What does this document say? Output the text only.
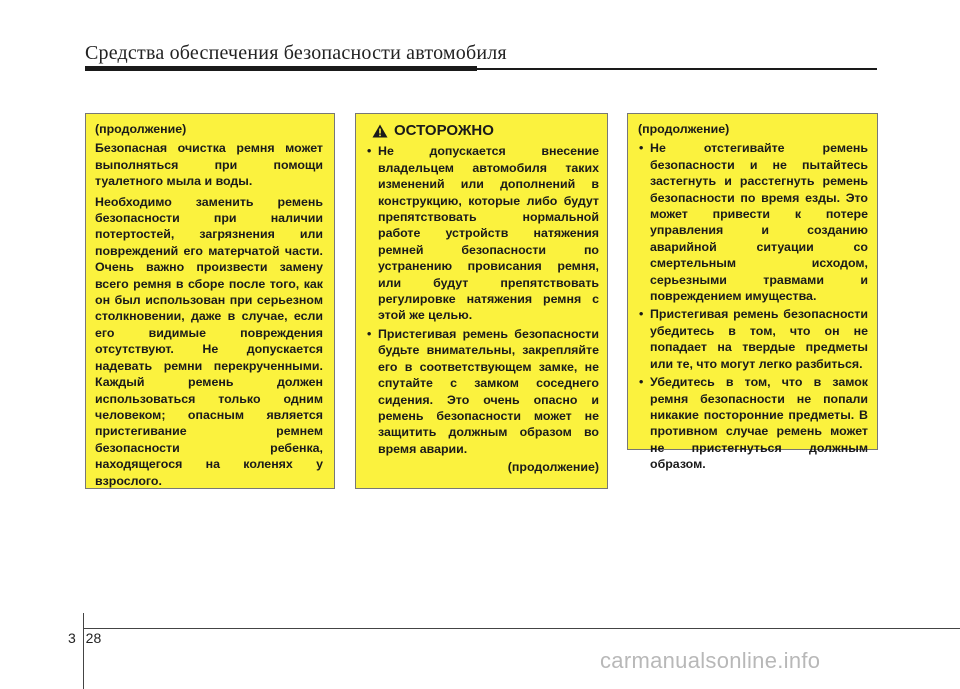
Средства обеспечения безопасности автомобиля

(продолжение)

Безопасная очистка ремня может выполняться при помощи туалетного мыла и воды.

Необходимо заменить ремень безопасности при наличии потертостей, загрязнения или повреждений его матерчатой части. Очень важно произвести замену всего ремня в сборе после того, как он был использован при серьезном столкновении, даже в случае, если его видимые повреждения отсутствуют. Не допускается надевать ремни перекрученными. Каждый ремень должен использоваться только одним человеком; опасным является пристегивание ремнем безопасности ребенка, находящегося на коленях у взрослого.

ОСТОРОЖНО
• Не допускается внесение владельцем автомобиля таких изменений или дополнений в конструкцию, которые либо будут препятствовать нормальной работе устройств натяжения ремней безопасности по устранению провисания ремня, или будут препятствовать регулировке натяжения ремня с этой же целью.
• Пристегивая ремень безопасности будьте внимательны, закрепляйте его в соответствующем замке, не спутайте с замком соседнего сидения. Это очень опасно и ремень безопасности может не защитить должным образом во время аварии.

(продолжение)

(продолжение)

• Не отстегивайте ремень безопасности и не пытайтесь застегнуть и расстегнуть ремень безопасности по время езды. Это может привести к потере управления и созданию аварийной ситуации со смертельным исходом, серьезными травмами и повреждением имущества.
• Пристегивая ремень безопасности убедитесь в том, что он не попадает на твердые предметы или те, что могут легко разбиться.
• Убедитесь в том, что в замок ремня безопасности не попали никакие посторонние предметы. В противном случае ремень может не пристегнуться должным образом.
3 28
carmanualsonline.info
